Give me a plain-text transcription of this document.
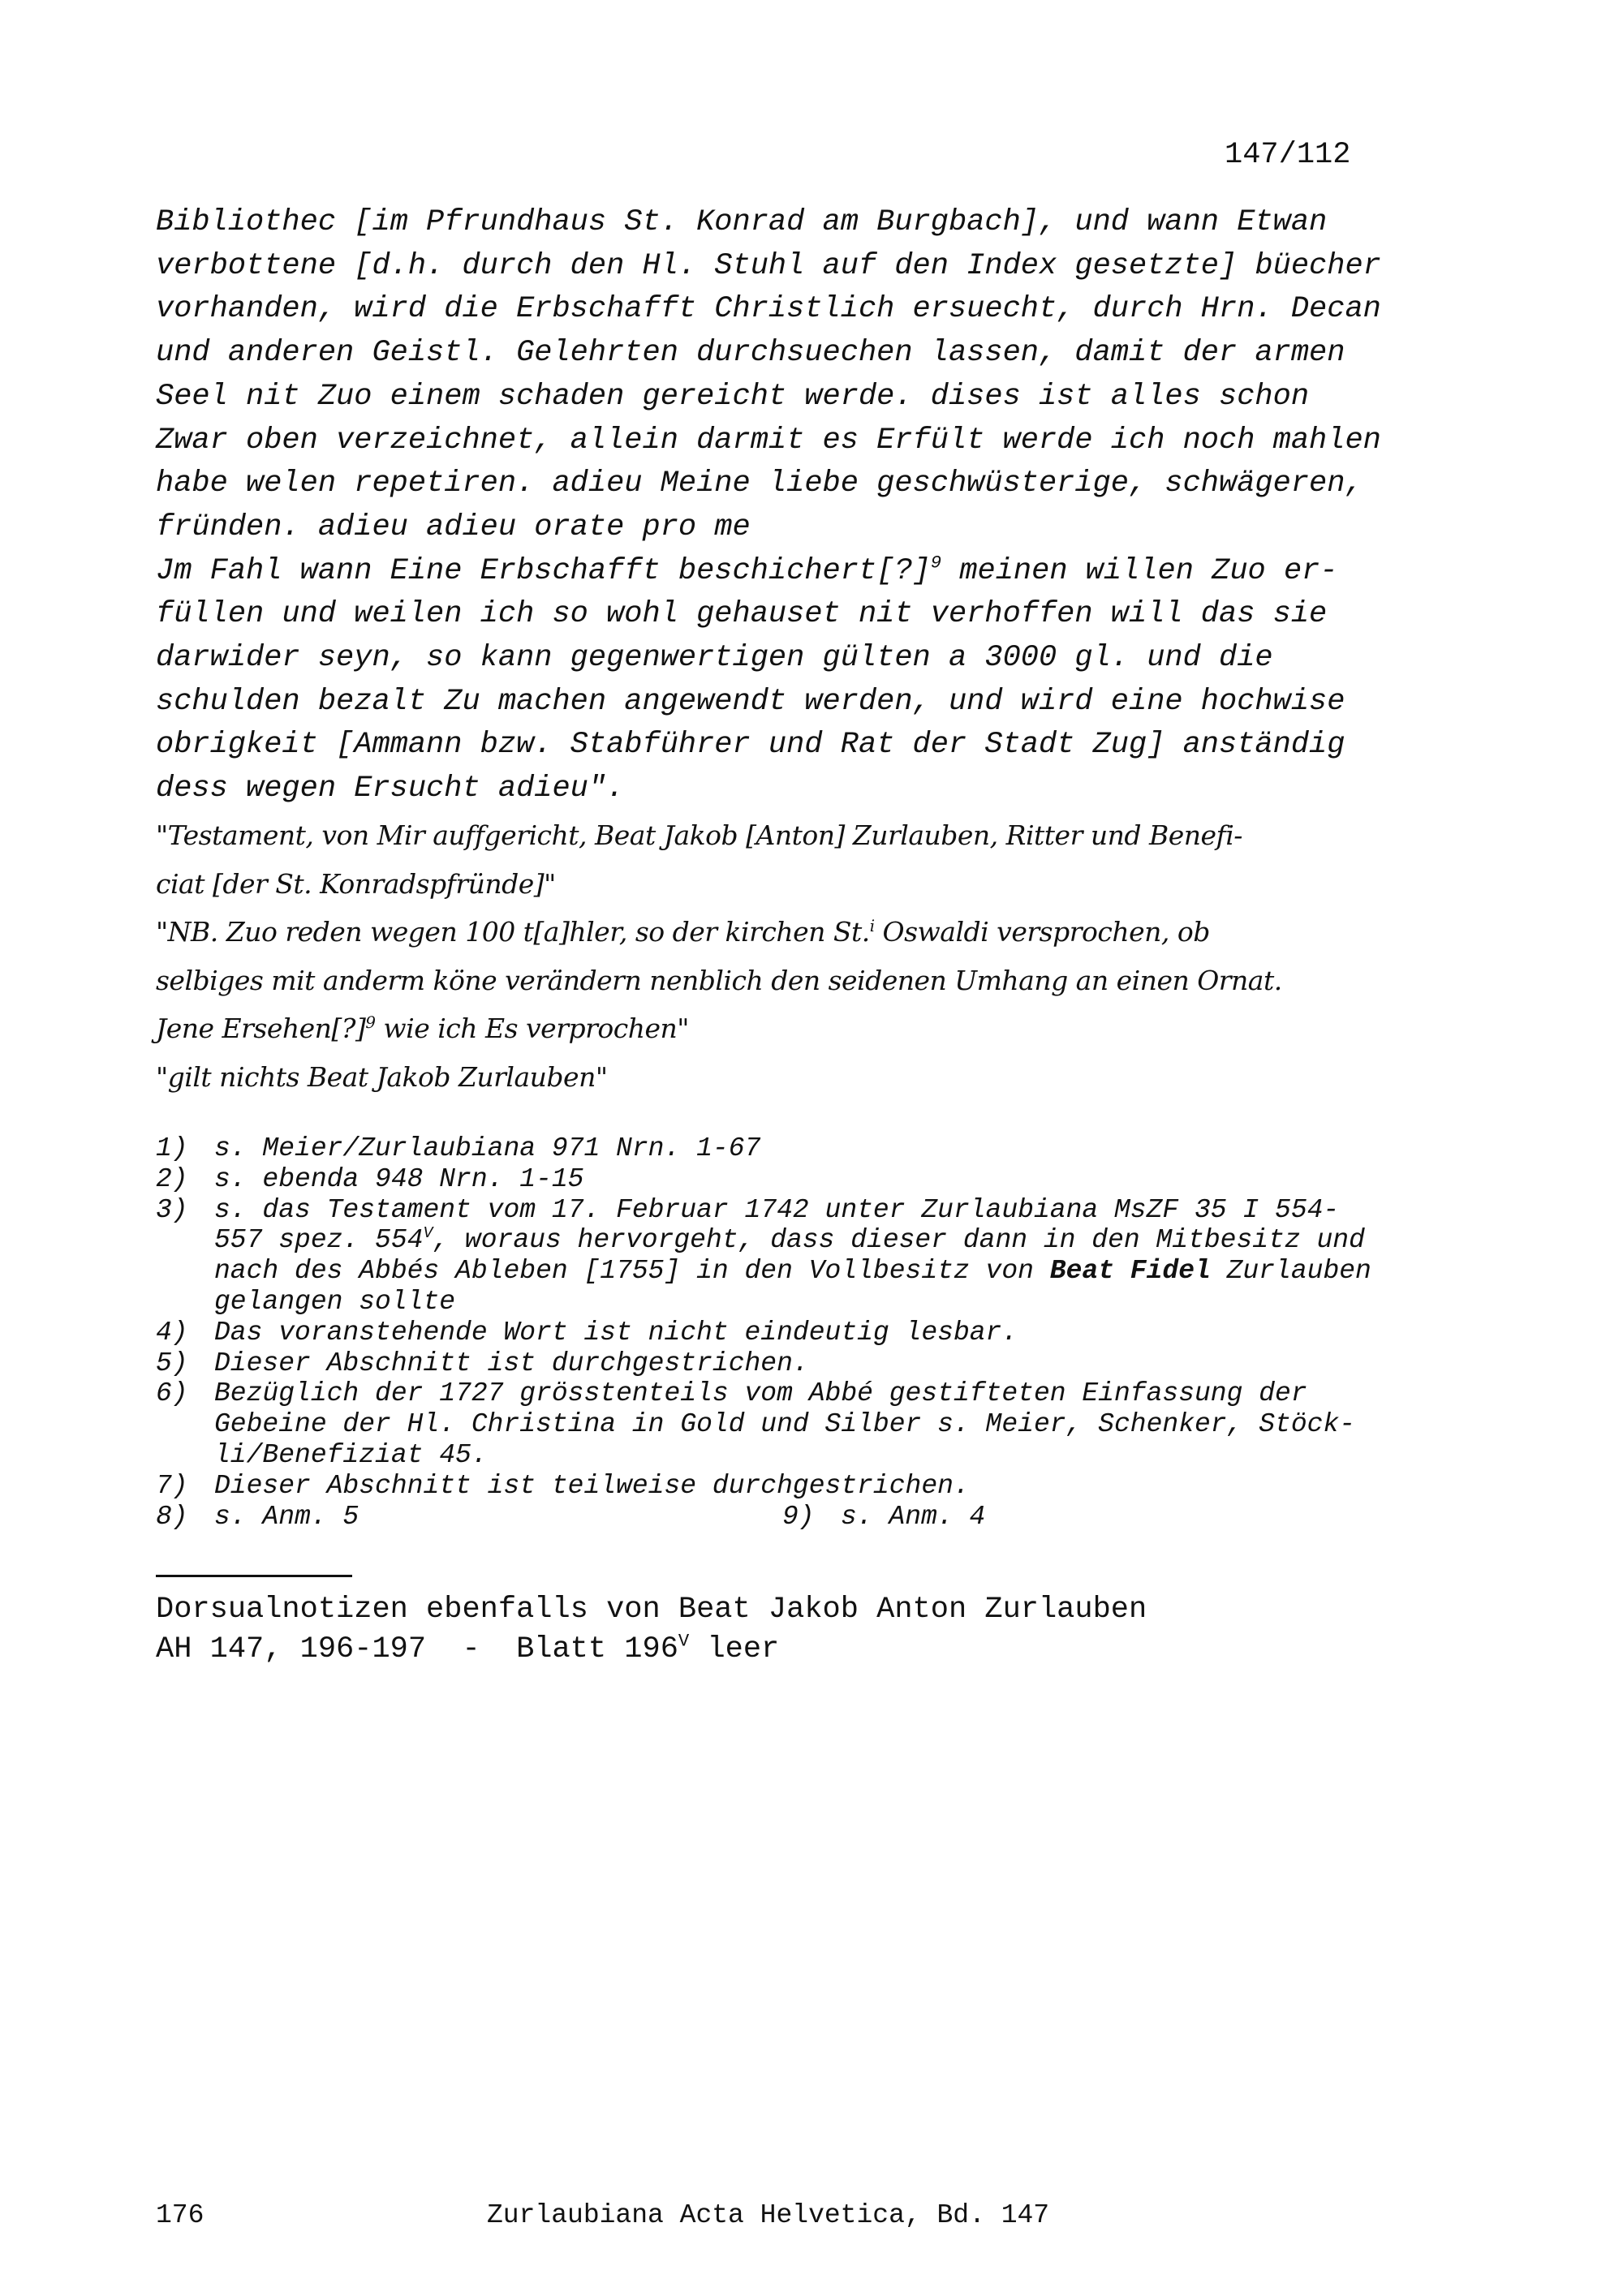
147/112
Bibliothec [im Pfrundhaus St. Konrad am Burgbach], und wann Etwan
verbottene [d.h. durch den Hl. Stuhl auf den Index gesetzte] büecher
vorhanden, wird die Erbschafft Christlich ersuecht, durch Hrn. Decan
und anderen Geistl. Gelehrten durchsuechen lassen, damit der armen
Seel nit Zuo einem schaden gereicht werde. dises ist alles schon
Zwar oben verzeichnet, allein darmit es Erfült werde ich noch mahlen
habe welen repetiren. adieu Meine liebe geschwüsterige, schwägeren,
fründen. adieu adieu orate pro me
Jm Fahl wann Eine Erbschafft beschichert[?]$^9$ meinen willen Zuo er-
füllen und weilen ich so wohl gehauset nit verhoffen will das sie
darwider seyn, so kann gegenwertigen gülten a 3000 gl. und die
schulden bezalt Zu machen angewendt werden, und wird eine hochwise
obrigkeit [Ammann bzw. Stabführer und Rat der Stadt Zug] anständig
dess wegen Ersucht adieu".
"Testament, von Mir auffgericht, Beat Jakob [Anton] Zurlauben, Ritter und Benefi-
ciat [der St. Konradspfründe]"
"NB. Zuo reden wegen 100 t[a]hler, so der kirchen St.$^i$ Oswaldi versprochen, ob
selbiges mit anderm köne verändern nenblich den seidenen Umhang an einen Ornat.
Jene Ersehen[?]$^9$ wie ich Es verprochen"
"gilt nichts Beat Jakob Zurlauben"
1) s. Meier/Zurlaubiana 971 Nrn. 1-67
2) s. ebenda 948 Nrn. 1-15
3) s. das Testament vom 17. Februar 1742 unter Zurlaubiana MsZF 35 I 554-
557 spez. $554^V$, woraus hervorgeht, dass dieser dann in den Mitbesitz und
nach des Abbés Ableben [1755] in den Vollbesitz von Beat Fidel Zurlauben
gelangen sollte
4) Das voranstehende Wort ist nicht eindeutig lesbar.
5) Dieser Abschnitt ist durchgestrichen.
6) Bezüglich der 1727 grösstenteils vom Abbé gestifteten Einfassung der
Gebeine der Hl. Christina in Gold und Silber s. Meier, Schenker, Stöck-
li/Benefiziat 45.
7) Dieser Abschnitt ist teilweise durchgestrichen.
8) s. Anm. 5	9) s. Anm. 4
Dorsualnotizen ebenfalls von Beat Jakob Anton Zurlauben
AH 147, 196-197  -  Blatt $196^V$ leer
176	Zurlaubiana Acta Helvetica, Bd. 147
